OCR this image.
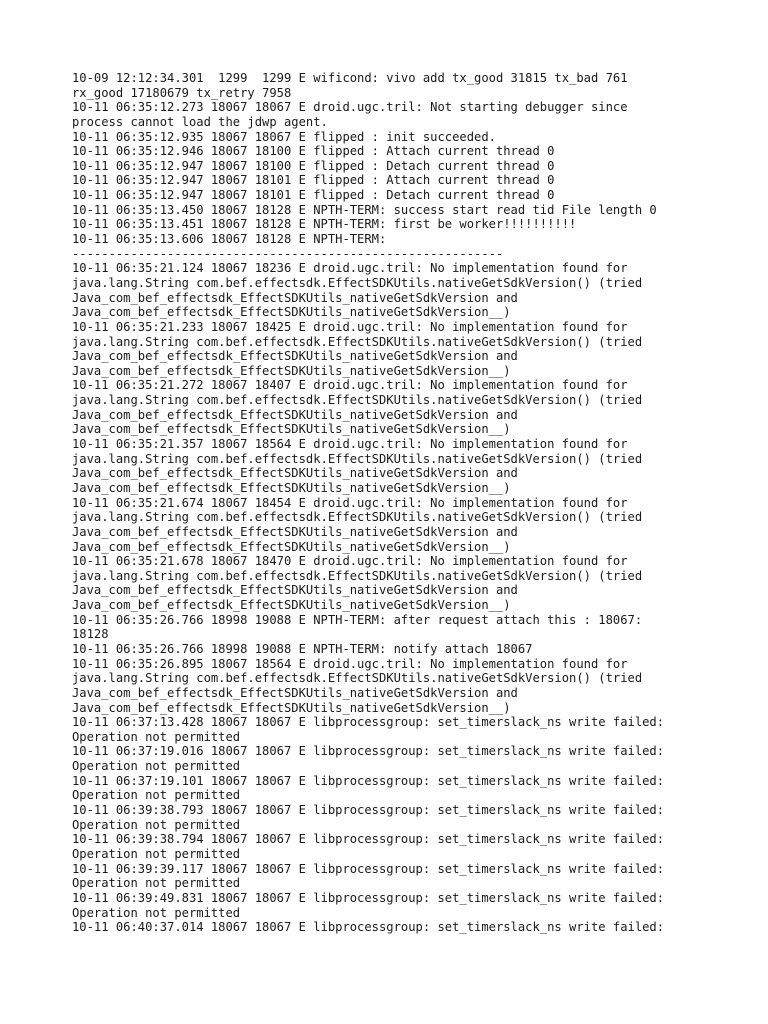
10-09 12:12:34.301  1299  1299 E wificond: vivo add tx_good 31815 tx_bad 761
rx_good 17180679 tx_retry 7958
10-11 06:35:12.273 18067 18067 E droid.ugc.tril: Not starting debugger since
process cannot load the jdwp agent.
10-11 06:35:12.935 18067 18067 E flipped : init succeeded.
10-11 06:35:12.946 18067 18100 E flipped : Attach current thread 0
10-11 06:35:12.947 18067 18100 E flipped : Detach current thread 0
10-11 06:35:12.947 18067 18101 E flipped : Attach current thread 0
10-11 06:35:12.947 18067 18101 E flipped : Detach current thread 0
10-11 06:35:13.450 18067 18128 E NPTH-TERM: success start read tid File length 0
10-11 06:35:13.451 18067 18128 E NPTH-TERM: first be worker!!!!!!!!!!
10-11 06:35:13.606 18067 18128 E NPTH-TERM:
-----------------------------------------------------------
10-11 06:35:21.124 18067 18236 E droid.ugc.tril: No implementation found for
java.lang.String com.bef.effectsdk.EffectSDKUtils.nativeGetSdkVersion() (tried
Java_com_bef_effectsdk_EffectSDKUtils_nativeGetSdkVersion and
Java_com_bef_effectsdk_EffectSDKUtils_nativeGetSdkVersion__)
10-11 06:35:21.233 18067 18425 E droid.ugc.tril: No implementation found for
java.lang.String com.bef.effectsdk.EffectSDKUtils.nativeGetSdkVersion() (tried
Java_com_bef_effectsdk_EffectSDKUtils_nativeGetSdkVersion and
Java_com_bef_effectsdk_EffectSDKUtils_nativeGetSdkVersion__)
10-11 06:35:21.272 18067 18407 E droid.ugc.tril: No implementation found for
java.lang.String com.bef.effectsdk.EffectSDKUtils.nativeGetSdkVersion() (tried
Java_com_bef_effectsdk_EffectSDKUtils_nativeGetSdkVersion and
Java_com_bef_effectsdk_EffectSDKUtils_nativeGetSdkVersion__)
10-11 06:35:21.357 18067 18564 E droid.ugc.tril: No implementation found for
java.lang.String com.bef.effectsdk.EffectSDKUtils.nativeGetSdkVersion() (tried
Java_com_bef_effectsdk_EffectSDKUtils_nativeGetSdkVersion and
Java_com_bef_effectsdk_EffectSDKUtils_nativeGetSdkVersion__)
10-11 06:35:21.674 18067 18454 E droid.ugc.tril: No implementation found for
java.lang.String com.bef.effectsdk.EffectSDKUtils.nativeGetSdkVersion() (tried
Java_com_bef_effectsdk_EffectSDKUtils_nativeGetSdkVersion and
Java_com_bef_effectsdk_EffectSDKUtils_nativeGetSdkVersion__)
10-11 06:35:21.678 18067 18470 E droid.ugc.tril: No implementation found for
java.lang.String com.bef.effectsdk.EffectSDKUtils.nativeGetSdkVersion() (tried
Java_com_bef_effectsdk_EffectSDKUtils_nativeGetSdkVersion and
Java_com_bef_effectsdk_EffectSDKUtils_nativeGetSdkVersion__)
10-11 06:35:26.766 18998 19088 E NPTH-TERM: after request attach this : 18067:
18128
10-11 06:35:26.766 18998 19088 E NPTH-TERM: notify attach 18067
10-11 06:35:26.895 18067 18564 E droid.ugc.tril: No implementation found for
java.lang.String com.bef.effectsdk.EffectSDKUtils.nativeGetSdkVersion() (tried
Java_com_bef_effectsdk_EffectSDKUtils_nativeGetSdkVersion and
Java_com_bef_effectsdk_EffectSDKUtils_nativeGetSdkVersion__)
10-11 06:37:13.428 18067 18067 E libprocessgroup: set_timerslack_ns write failed:
Operation not permitted
10-11 06:37:19.016 18067 18067 E libprocessgroup: set_timerslack_ns write failed:
Operation not permitted
10-11 06:37:19.101 18067 18067 E libprocessgroup: set_timerslack_ns write failed:
Operation not permitted
10-11 06:39:38.793 18067 18067 E libprocessgroup: set_timerslack_ns write failed:
Operation not permitted
10-11 06:39:38.794 18067 18067 E libprocessgroup: set_timerslack_ns write failed:
Operation not permitted
10-11 06:39:39.117 18067 18067 E libprocessgroup: set_timerslack_ns write failed:
Operation not permitted
10-11 06:39:49.831 18067 18067 E libprocessgroup: set_timerslack_ns write failed:
Operation not permitted
10-11 06:40:37.014 18067 18067 E libprocessgroup: set_timerslack_ns write failed:
